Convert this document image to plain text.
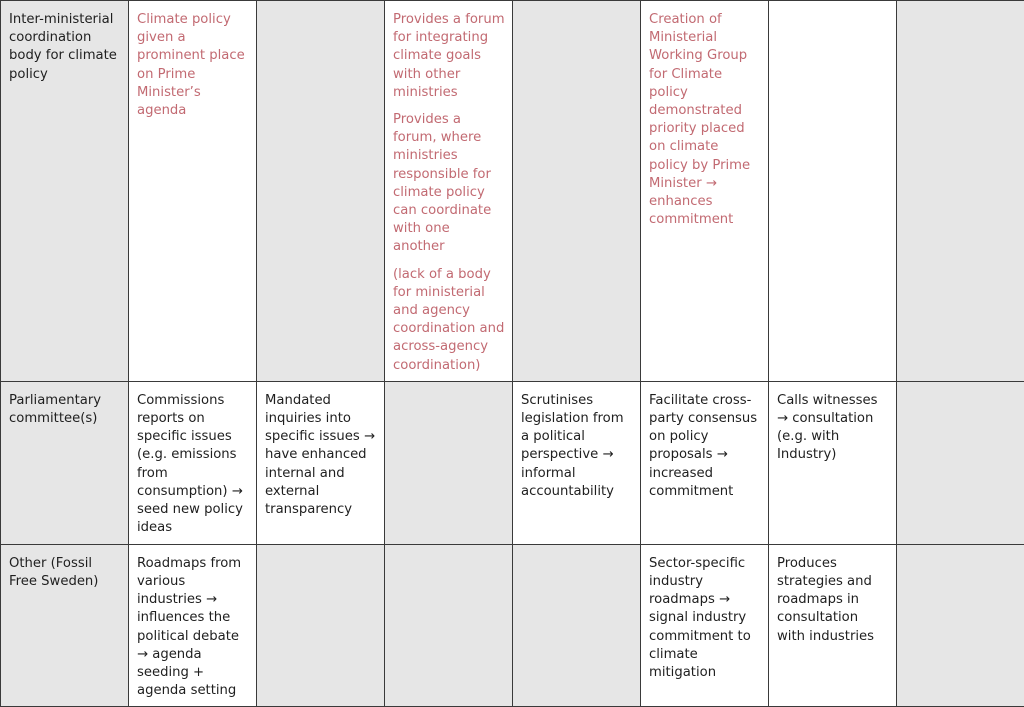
Inter-ministerial coordination body for climate policy	Climate policy given a prominent place on Prime Minister’s agenda		Provides a forum for integrating climate goals with other ministries
Provides a forum, where ministries responsible for climate policy can coordinate with one another
(lack of a body for ministerial and agency coordination and across-agency coordination)		Creation of Ministerial Working Group for Climate policy demonstrated priority placed on climate policy by Prime Minister → enhances commitment		

Parliamentary committee(s)	Commissions reports on specific issues (e.g. emissions from consumption) → seed new policy ideas	Mandated inquiries into specific issues → have enhanced internal and external transparency		Scrutinises legislation from a political perspective → informal accountability	Facilitate cross-party consensus on policy proposals → increased commitment	Calls witnesses → consultation (e.g. with Industry)	

Other (Fossil Free Sweden)	Roadmaps from various industries → influences the political debate → agenda seeding + agenda setting				Sector-specific industry roadmaps → signal industry commitment to climate mitigation	Produces strategies and roadmaps in consultation with industries	
